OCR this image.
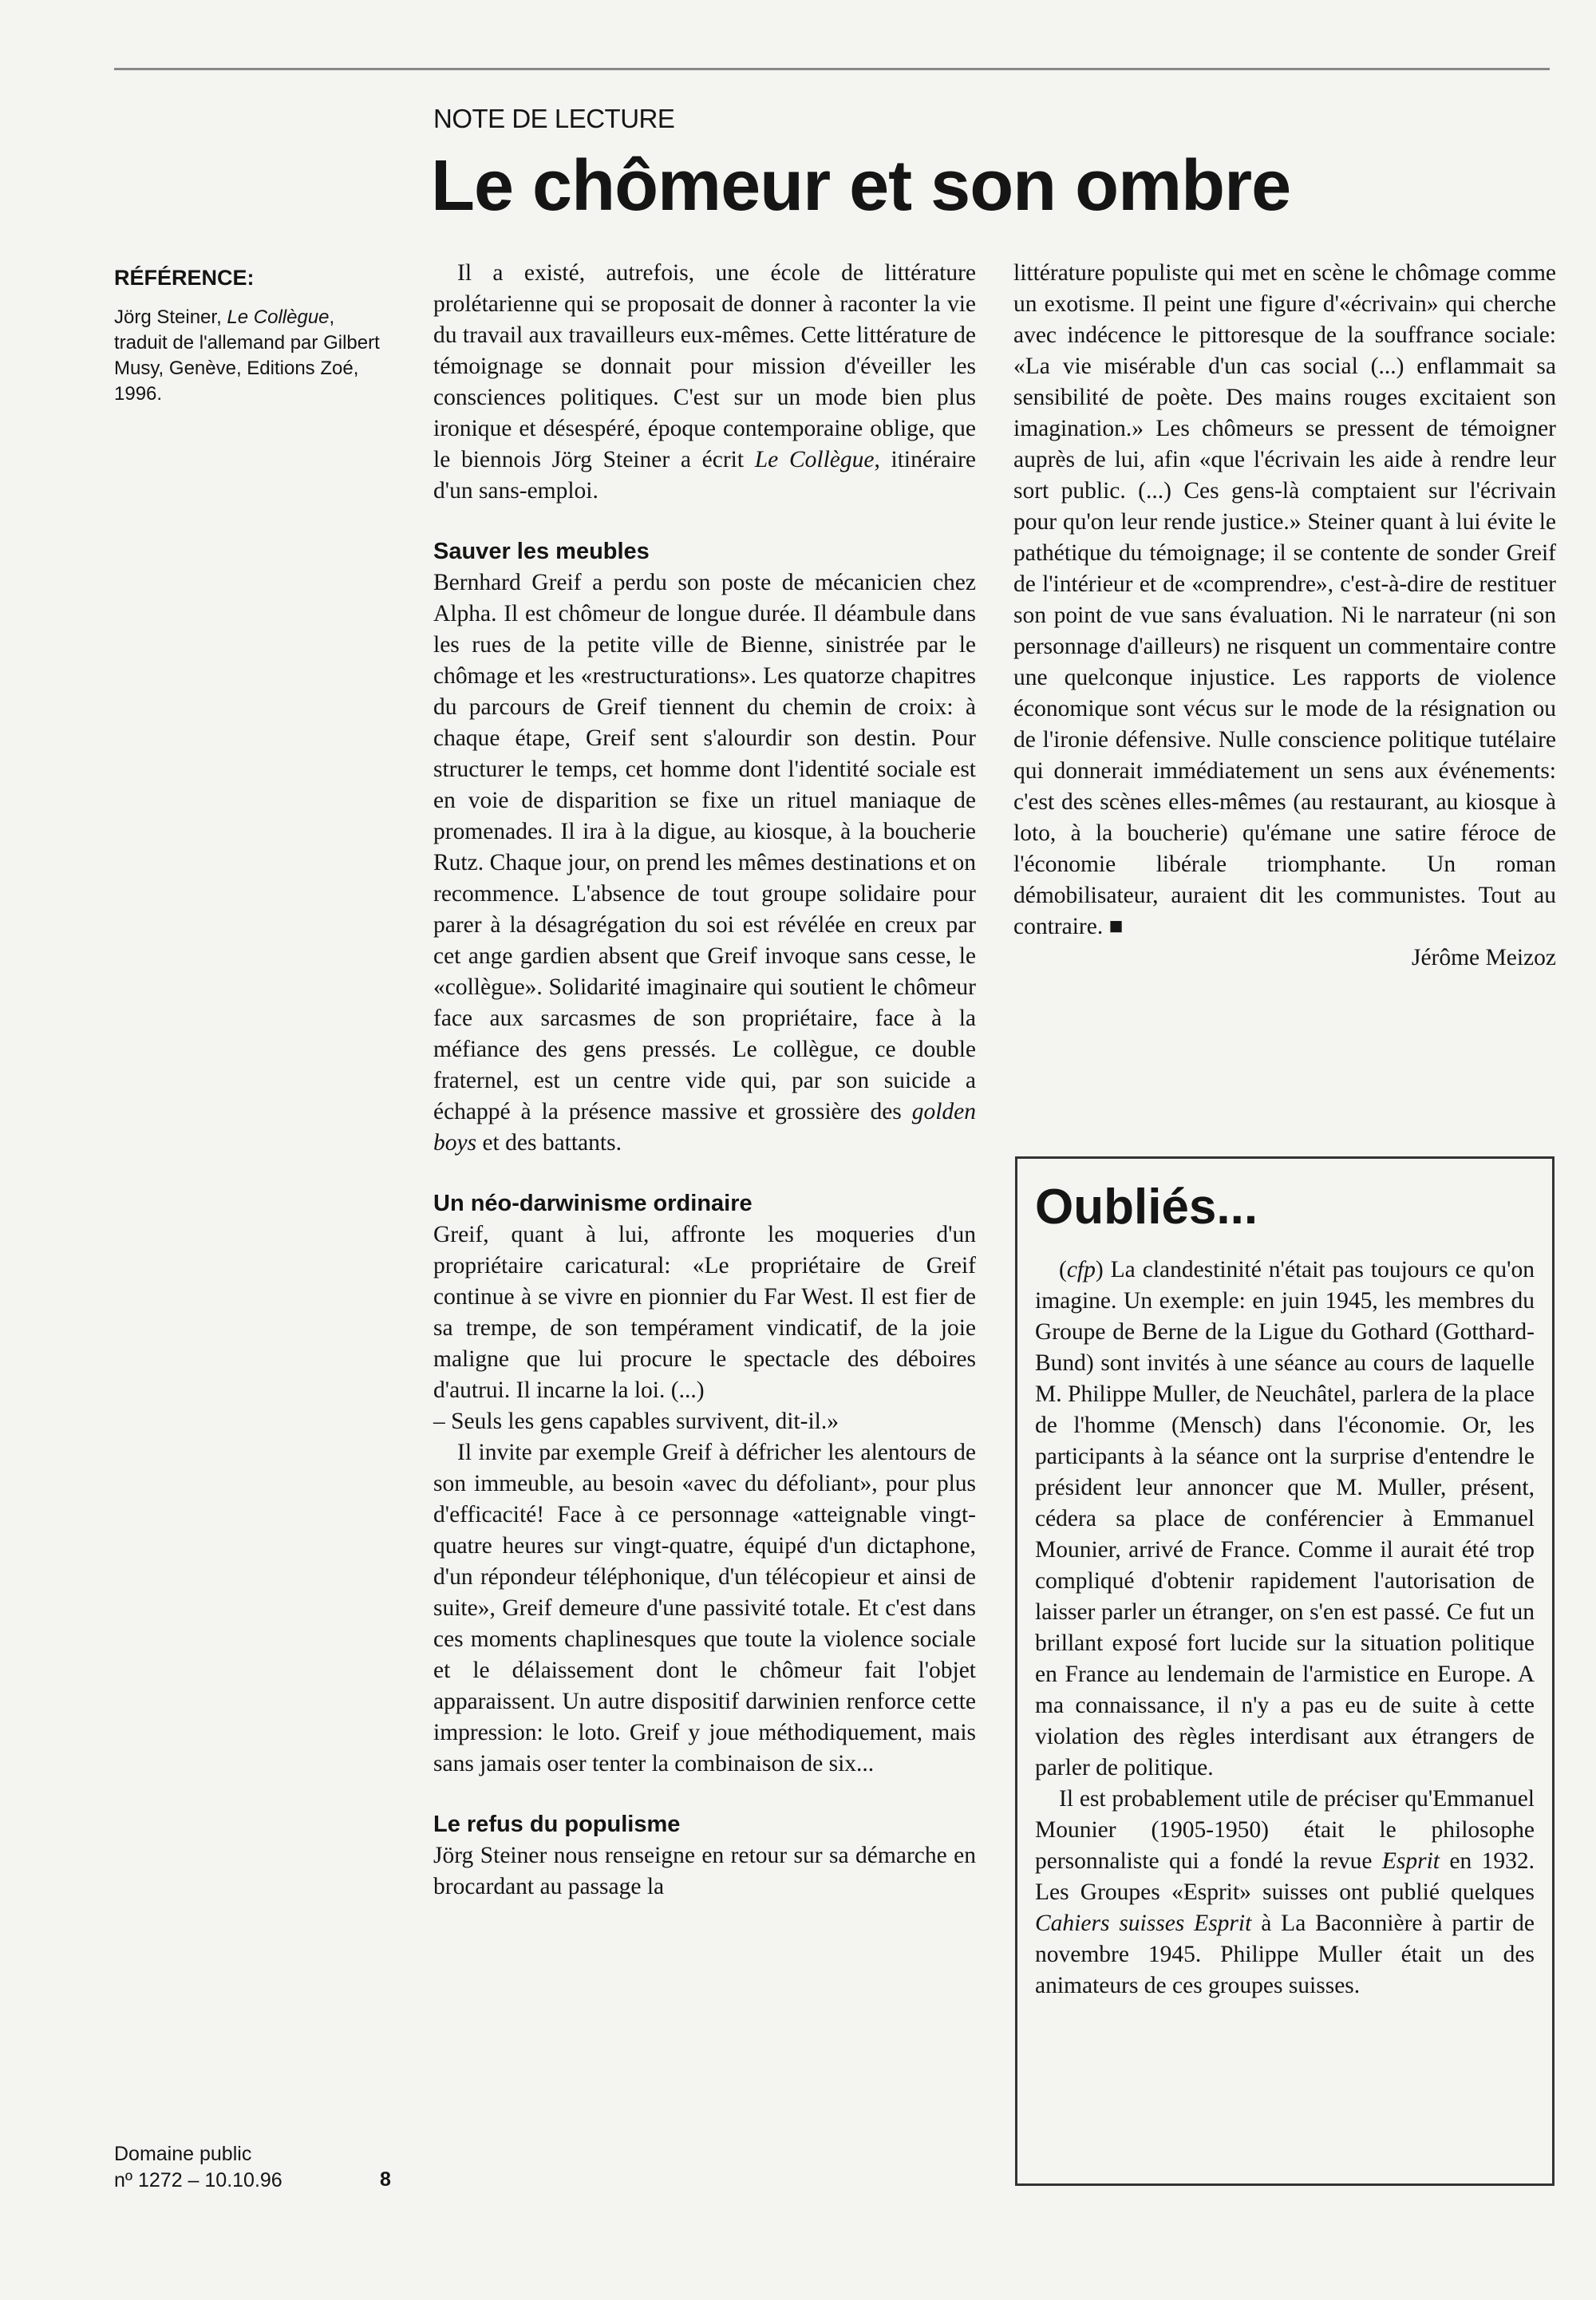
NOTE DE LECTURE
Le chômeur et son ombre
RÉFÉRENCE:
Jörg Steiner, Le Collègue, traduit de l'allemand par Gilbert Musy, Genève, Editions Zoé, 1996.
Domaine public
nº 1272 – 10.10.96	8

Il a existé, autrefois, une école de littérature prolétarienne qui se proposait de donner à raconter la vie du travail aux travailleurs eux-mêmes. Cette littérature de témoignage se donnait pour mission d'éveiller les consciences politiques. C'est sur un mode bien plus ironique et désespéré, époque contemporaine oblige, que le biennois Jörg Steiner a écrit Le Collègue, itinéraire d'un sans-emploi.

Sauver les meubles

Bernhard Greif a perdu son poste de mécanicien chez Alpha. Il est chômeur de longue durée. Il déambule dans les rues de la petite ville de Bienne, sinistrée par le chômage et les «restructurations». Les quatorze chapitres du parcours de Greif tiennent du chemin de croix: à chaque étape, Greif sent s'alourdir son destin. Pour structurer le temps, cet homme dont l'identité sociale est en voie de disparition se fixe un rituel maniaque de promenades. Il ira à la digue, au kiosque, à la boucherie Rutz. Chaque jour, on prend les mêmes destinations et on recommence. L'absence de tout groupe solidaire pour parer à la désagrégation du soi est révélée en creux par cet ange gardien absent que Greif invoque sans cesse, le «collègue». Solidarité imaginaire qui soutient le chômeur face aux sarcasmes de son propriétaire, face à la méfiance des gens pressés. Le collègue, ce double fraternel, est un centre vide qui, par son suicide a échappé à la présence massive et grossière des golden boys et des battants.

Un néo-darwinisme ordinaire

Greif, quant à lui, affronte les moqueries d'un propriétaire caricatural: «Le propriétaire de Greif continue à se vivre en pionnier du Far West. Il est fier de sa trempe, de son tempérament vindicatif, de la joie maligne que lui procure le spectacle des déboires d'autrui. Il incarne la loi. (...)

– Seuls les gens capables survivent, dit-il.»

Il invite par exemple Greif à défricher les alentours de son immeuble, au besoin «avec du défoliant», pour plus d'efficacité! Face à ce personnage «atteignable vingt-quatre heures sur vingt-quatre, équipé d'un dictaphone, d'un répondeur téléphonique, d'un télécopieur et ainsi de suite», Greif demeure d'une passivité totale. Et c'est dans ces moments chaplinesques que toute la violence sociale et le délaissement dont le chômeur fait l'objet apparaissent. Un autre dispositif darwinien renforce cette impression: le loto. Greif y joue méthodiquement, mais sans jamais oser tenter la combinaison de six...

Le refus du populisme

Jörg Steiner nous renseigne en retour sur sa démarche en brocardant au passage la

littérature populiste qui met en scène le chômage comme un exotisme. Il peint une figure d'«écrivain» qui cherche avec indécence le pittoresque de la souffrance sociale: «La vie misérable d'un cas social (...) enflammait sa sensibilité de poète. Des mains rouges excitaient son imagination.» Les chômeurs se pressent de témoigner auprès de lui, afin «que l'écrivain les aide à rendre leur sort public. (...) Ces gens-là comptaient sur l'écrivain pour qu'on leur rende justice.» Steiner quant à lui évite le pathétique du témoignage; il se contente de sonder Greif de l'intérieur et de «comprendre», c'est-à-dire de restituer son point de vue sans évaluation. Ni le narrateur (ni son personnage d'ailleurs) ne risquent un commentaire contre une quelconque injustice. Les rapports de violence économique sont vécus sur le mode de la résignation ou de l'ironie défensive. Nulle conscience politique tutélaire qui donnerait immédiatement un sens aux événements: c'est des scènes elles-mêmes (au restaurant, au kiosque à loto, à la boucherie) qu'émane une satire féroce de l'économie libérale triomphante. Un roman démobilisateur, auraient dit les communistes. Tout au contraire. ■

Jérôme Meizoz

Oubliés...

(cfp) La clandestinité n'était pas toujours ce qu'on imagine. Un exemple: en juin 1945, les membres du Groupe de Berne de la Ligue du Gothard (Gotthard-Bund) sont invités à une séance au cours de laquelle M. Philippe Muller, de Neuchâtel, parlera de la place de l'homme (Mensch) dans l'économie. Or, les participants à la séance ont la surprise d'entendre le président leur annoncer que M. Muller, présent, cédera sa place de conférencier à Emmanuel Mounier, arrivé de France. Comme il aurait été trop compliqué d'obtenir rapidement l'autorisation de laisser parler un étranger, on s'en est passé. Ce fut un brillant exposé fort lucide sur la situation politique en France au lendemain de l'armistice en Europe. A ma connaissance, il n'y a pas eu de suite à cette violation des règles interdisant aux étrangers de parler de politique.

Il est probablement utile de préciser qu'Emmanuel Mounier (1905-1950) était le philosophe personnaliste qui a fondé la revue Esprit en 1932. Les Groupes «Esprit» suisses ont publié quelques Cahiers suisses Esprit à La Baconnière à partir de novembre 1945. Philippe Muller était un des animateurs de ces groupes suisses.
